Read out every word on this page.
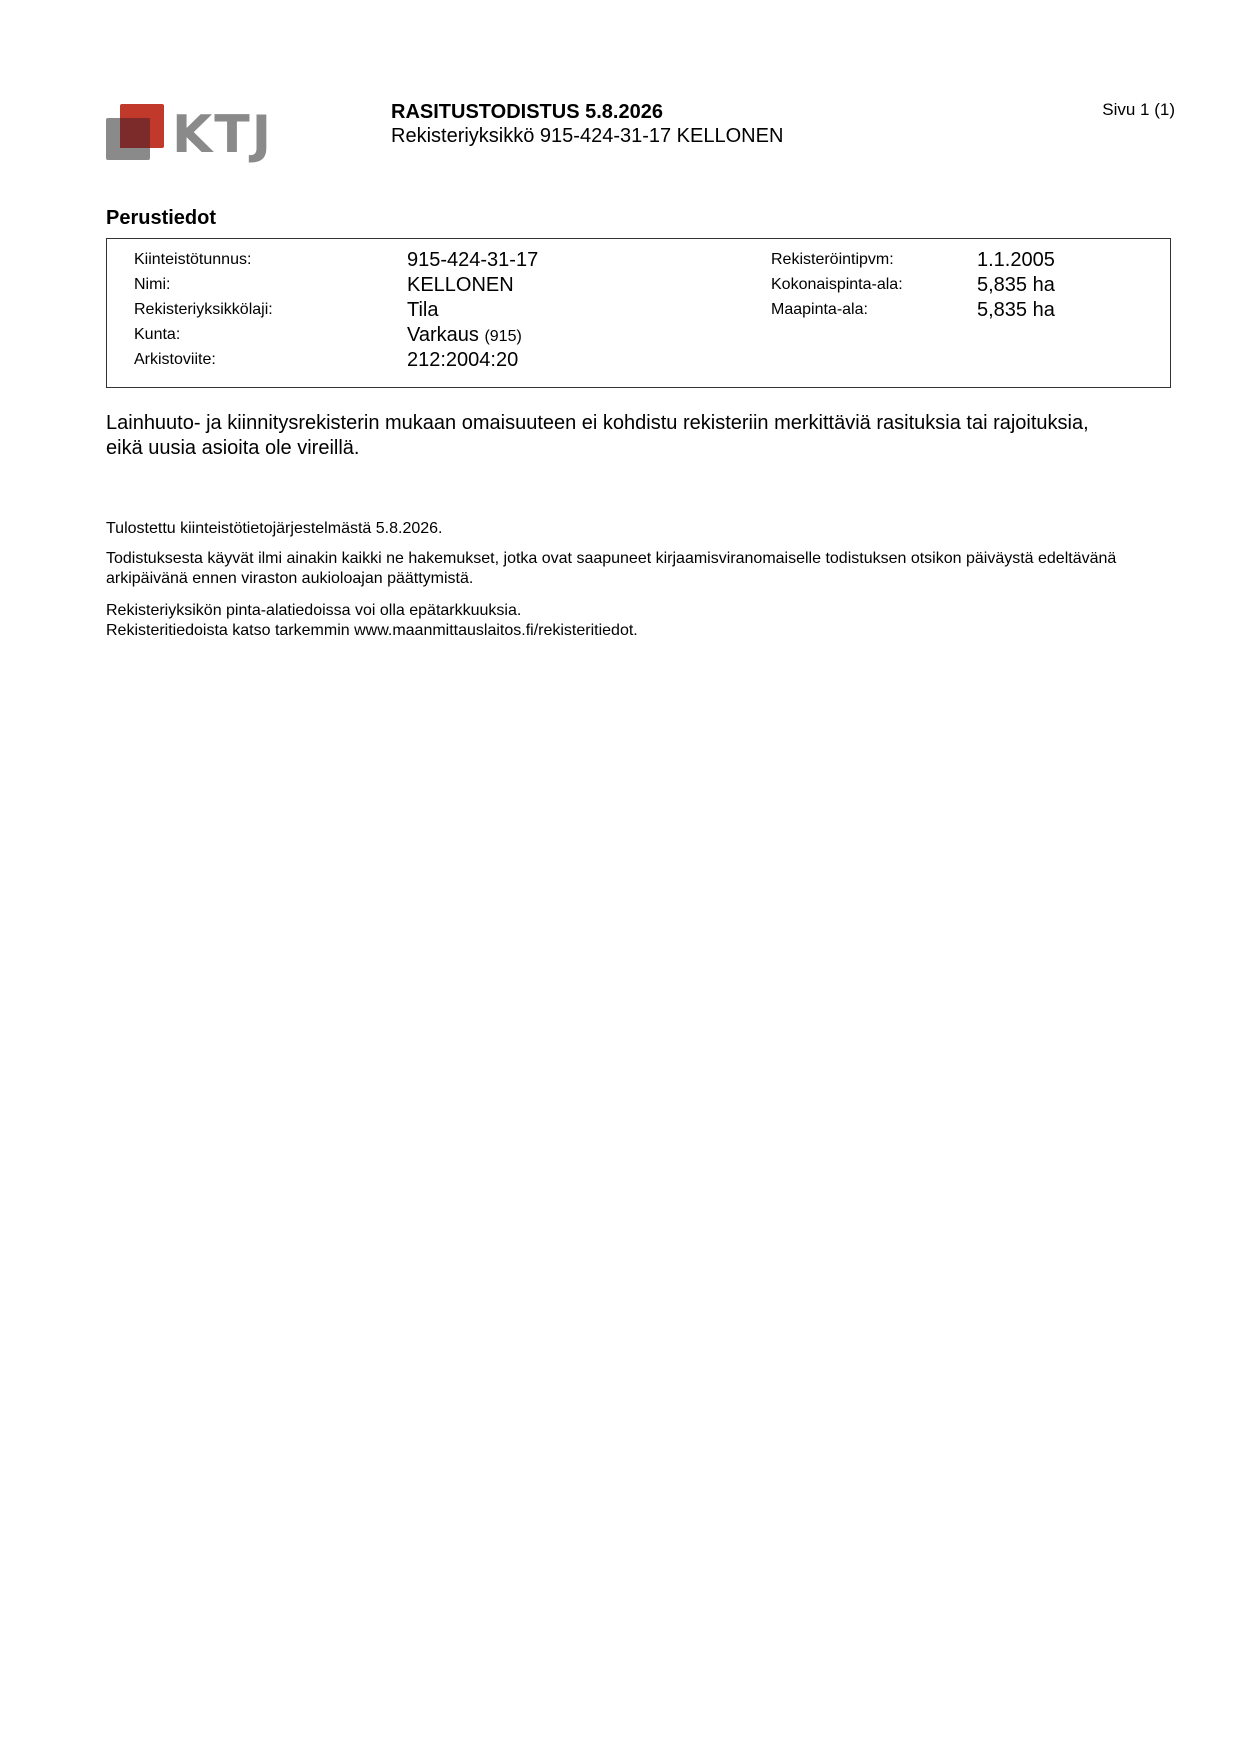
KTJ	RASITUSTODISTUS 5.8.2026
Rekisteriyksikkö 915-424-31-17 KELLONEN
Sivu 1 (1)
Perustiedot
Kiinteistötunnus:	915-424-31-17
Nimi:	KELLONEN
Rekisteriyksikkölaji:	Tila
Kunta:	Varkaus (915)
Arkistoviite:	212:2004:20
Rekisteröintipvm:	1.1.2005
Kokonaispinta-ala:	5,835 ha
Maapinta-ala:	5,835 ha
Lainhuuto- ja kiinnitysrekisterin mukaan omaisuuteen ei kohdistu rekisteriin merkittäviä rasituksia tai rajoituksia,
eikä uusia asioita ole vireillä.
Tulostettu kiinteistötietojärjestelmästä 5.8.2026.
Todistuksesta käyvät ilmi ainakin kaikki ne hakemukset, jotka ovat saapuneet kirjaamisviranomaiselle todistuksen otsikon päiväystä edeltävänä
arkipäivänä ennen viraston aukioloajan päättymistä.
Rekisteriyksikön pinta-alatiedoissa voi olla epätarkkuuksia.
Rekisteritiedoista katso tarkemmin www.maanmittauslaitos.fi/rekisteritiedot.
